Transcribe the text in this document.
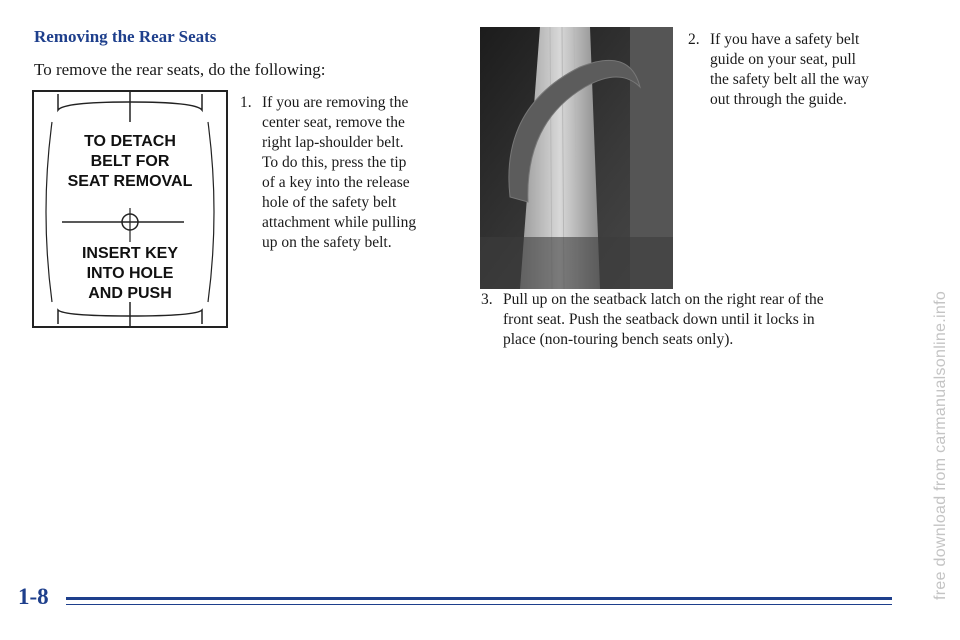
Removing the Rear Seats
To remove the rear seats, do the following:
TO DETACH
BELT FOR
SEAT REMOVAL
INSERT KEY
INTO HOLE
AND PUSH
1. If you are removing the
center seat, remove the
right lap-shoulder belt.
To do this, press the tip
of a key into the release
hole of the safety belt
attachment while pulling
up on the safety belt.
2. If you have a safety belt
guide on your seat, pull
the safety belt all the way
out through the guide.
3. Pull up on the seatback latch on the right rear of the
front seat. Push the seatback down until it locks in
place (non-touring bench seats only).
1-8	free download from carmanualsonline.info
